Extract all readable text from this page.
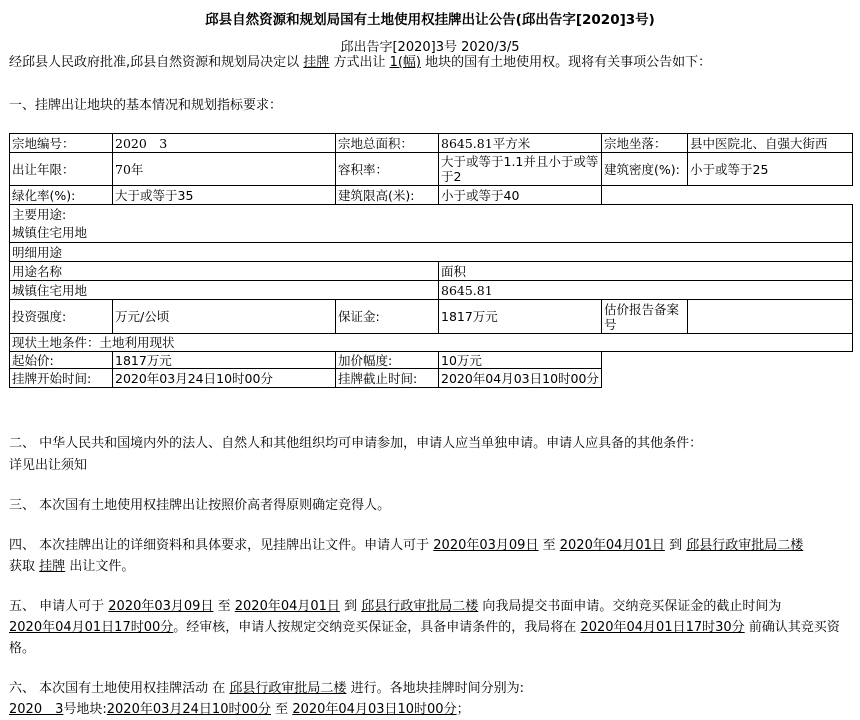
邱县自然资源和规划局国有土地使用权挂牌出让公告(邱出告字[2020]3号)
邱出告字[2020]3号 2020/3/5
经邱县人民政府批准,邱县自然资源和规划局决定以 挂牌 方式出让 1(幅) 地块的国有土地使用权。现将有关事项公告如下：
一、挂牌出让地块的基本情况和规划指标要求：
宗地编号：	2020　3	宗地总面积：	8645.81平方米	宗地坐落：	县中医院北、自强大街西
出让年限：	70年	容积率：	大于或等于1.1并且小于或等于2	建筑密度(%):	小于或等于25
绿化率(%):	大于或等于35	建筑限高(米):	小于或等于40		
主要用途:					
城镇住宅用地					
明细用途					
用途名称			面积		
城镇住宅用地			8645.81		
投资强度:	万元/公顷	保证金:	1817万元	估价报告备案号	
现状土地条件：土地利用现状					
起始价:	1817万元	加价幅度:	10万元		
挂牌开始时间:	2020年03月24日10时00分	挂牌截止时间:	2020年04月03日10时00分		
二、 中华人民共和国境内外的法人、自然人和其他组织均可申请参加，申请人应当单独申请。申请人应具备的其他条件：
详见出让须知
三、 本次国有土地使用权挂牌出让按照价高者得原则确定竞得人。
四、 本次挂牌出让的详细资料和具体要求，见挂牌出让文件。申请人可于 2020年03月09日 至 2020年04月01日 到 邱县行政审批局二楼
获取 挂牌 出让文件。
五、 申请人可于 2020年03月09日 至 2020年04月01日 到 邱县行政审批局二楼 向我局提交书面申请。交纳竞买保证金的截止时间为
2020年04月01日17时00分。经审核，申请人按规定交纳竞买保证金，具备申请条件的，我局将在 2020年04月01日17时30分 前确认其竞买资格。
六、 本次国有土地使用权挂牌活动 在 邱县行政审批局二楼 进行。各地块挂牌时间分别为:
2020　3号地块:2020年03月24日10时00分 至 2020年04月03日10时00分；
